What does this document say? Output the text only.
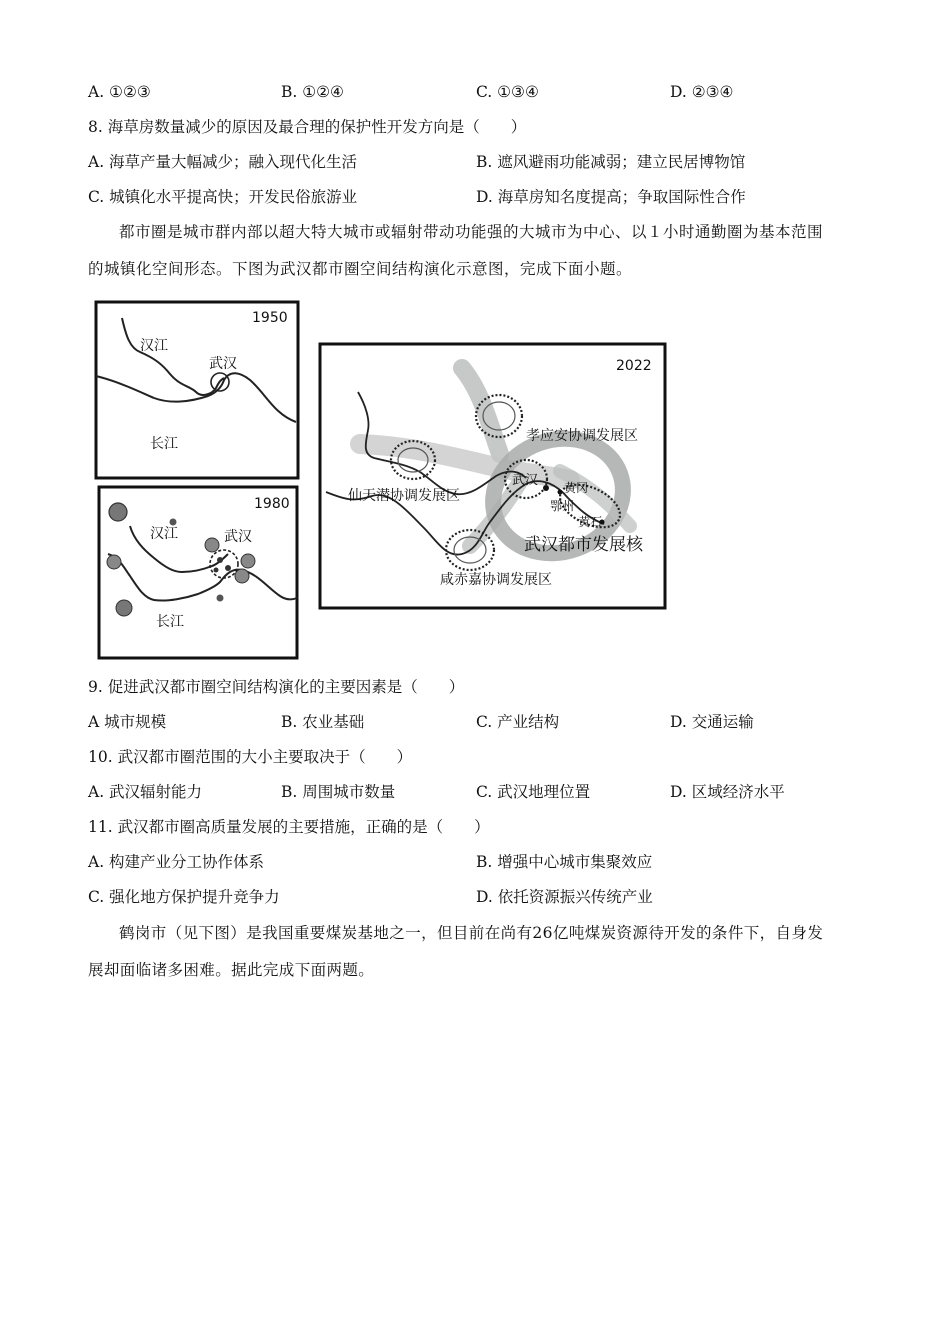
A. ①②③	B. ①②④	C. ①③④	D. ②③④
8. 海草房数量减少的原因及最合理的保护性开发方向是（　　）
A. 海草产量大幅减少；融入现代化生活	B. 遮风避雨功能减弱；建立民居博物馆
C. 城镇化水平提高快；开发民俗旅游业	D. 海草房知名度提高；争取国际性合作
都市圈是城市群内部以超大特大城市或辐射带动功能强的大城市为中心、以１小时通勤圈为基本范围
的城镇化空间形态。下图为武汉都市圈空间结构演化示意图，完成下面小题。
1950
汉江
武汉
长江
1980
汉江	武汉
长江
2022
孝应安协调发展区
仙天潜协调发展区
咸赤嘉协调发展区
武汉都市发展核
武汉 黄冈
鄂州
黄石
9. 促进武汉都市圈空间结构演化的主要因素是（　　）
A 城市规模	B. 农业基础	C. 产业结构	D. 交通运输
10. 武汉都市圈范围的大小主要取决于（　　）
A. 武汉辐射能力	B. 周围城市数量	C. 武汉地理位置	D. 区域经济水平
11. 武汉都市圈高质量发展的主要措施，正确的是（　　）
A. 构建产业分工协作体系	B. 增强中心城市集聚效应
C. 强化地方保护提升竞争力	D. 依托资源振兴传统产业
鹤岗市（见下图）是我国重要煤炭基地之一，但目前在尚有26亿吨煤炭资源待开发的条件下，自身发
展却面临诸多困难。据此完成下面两题。
